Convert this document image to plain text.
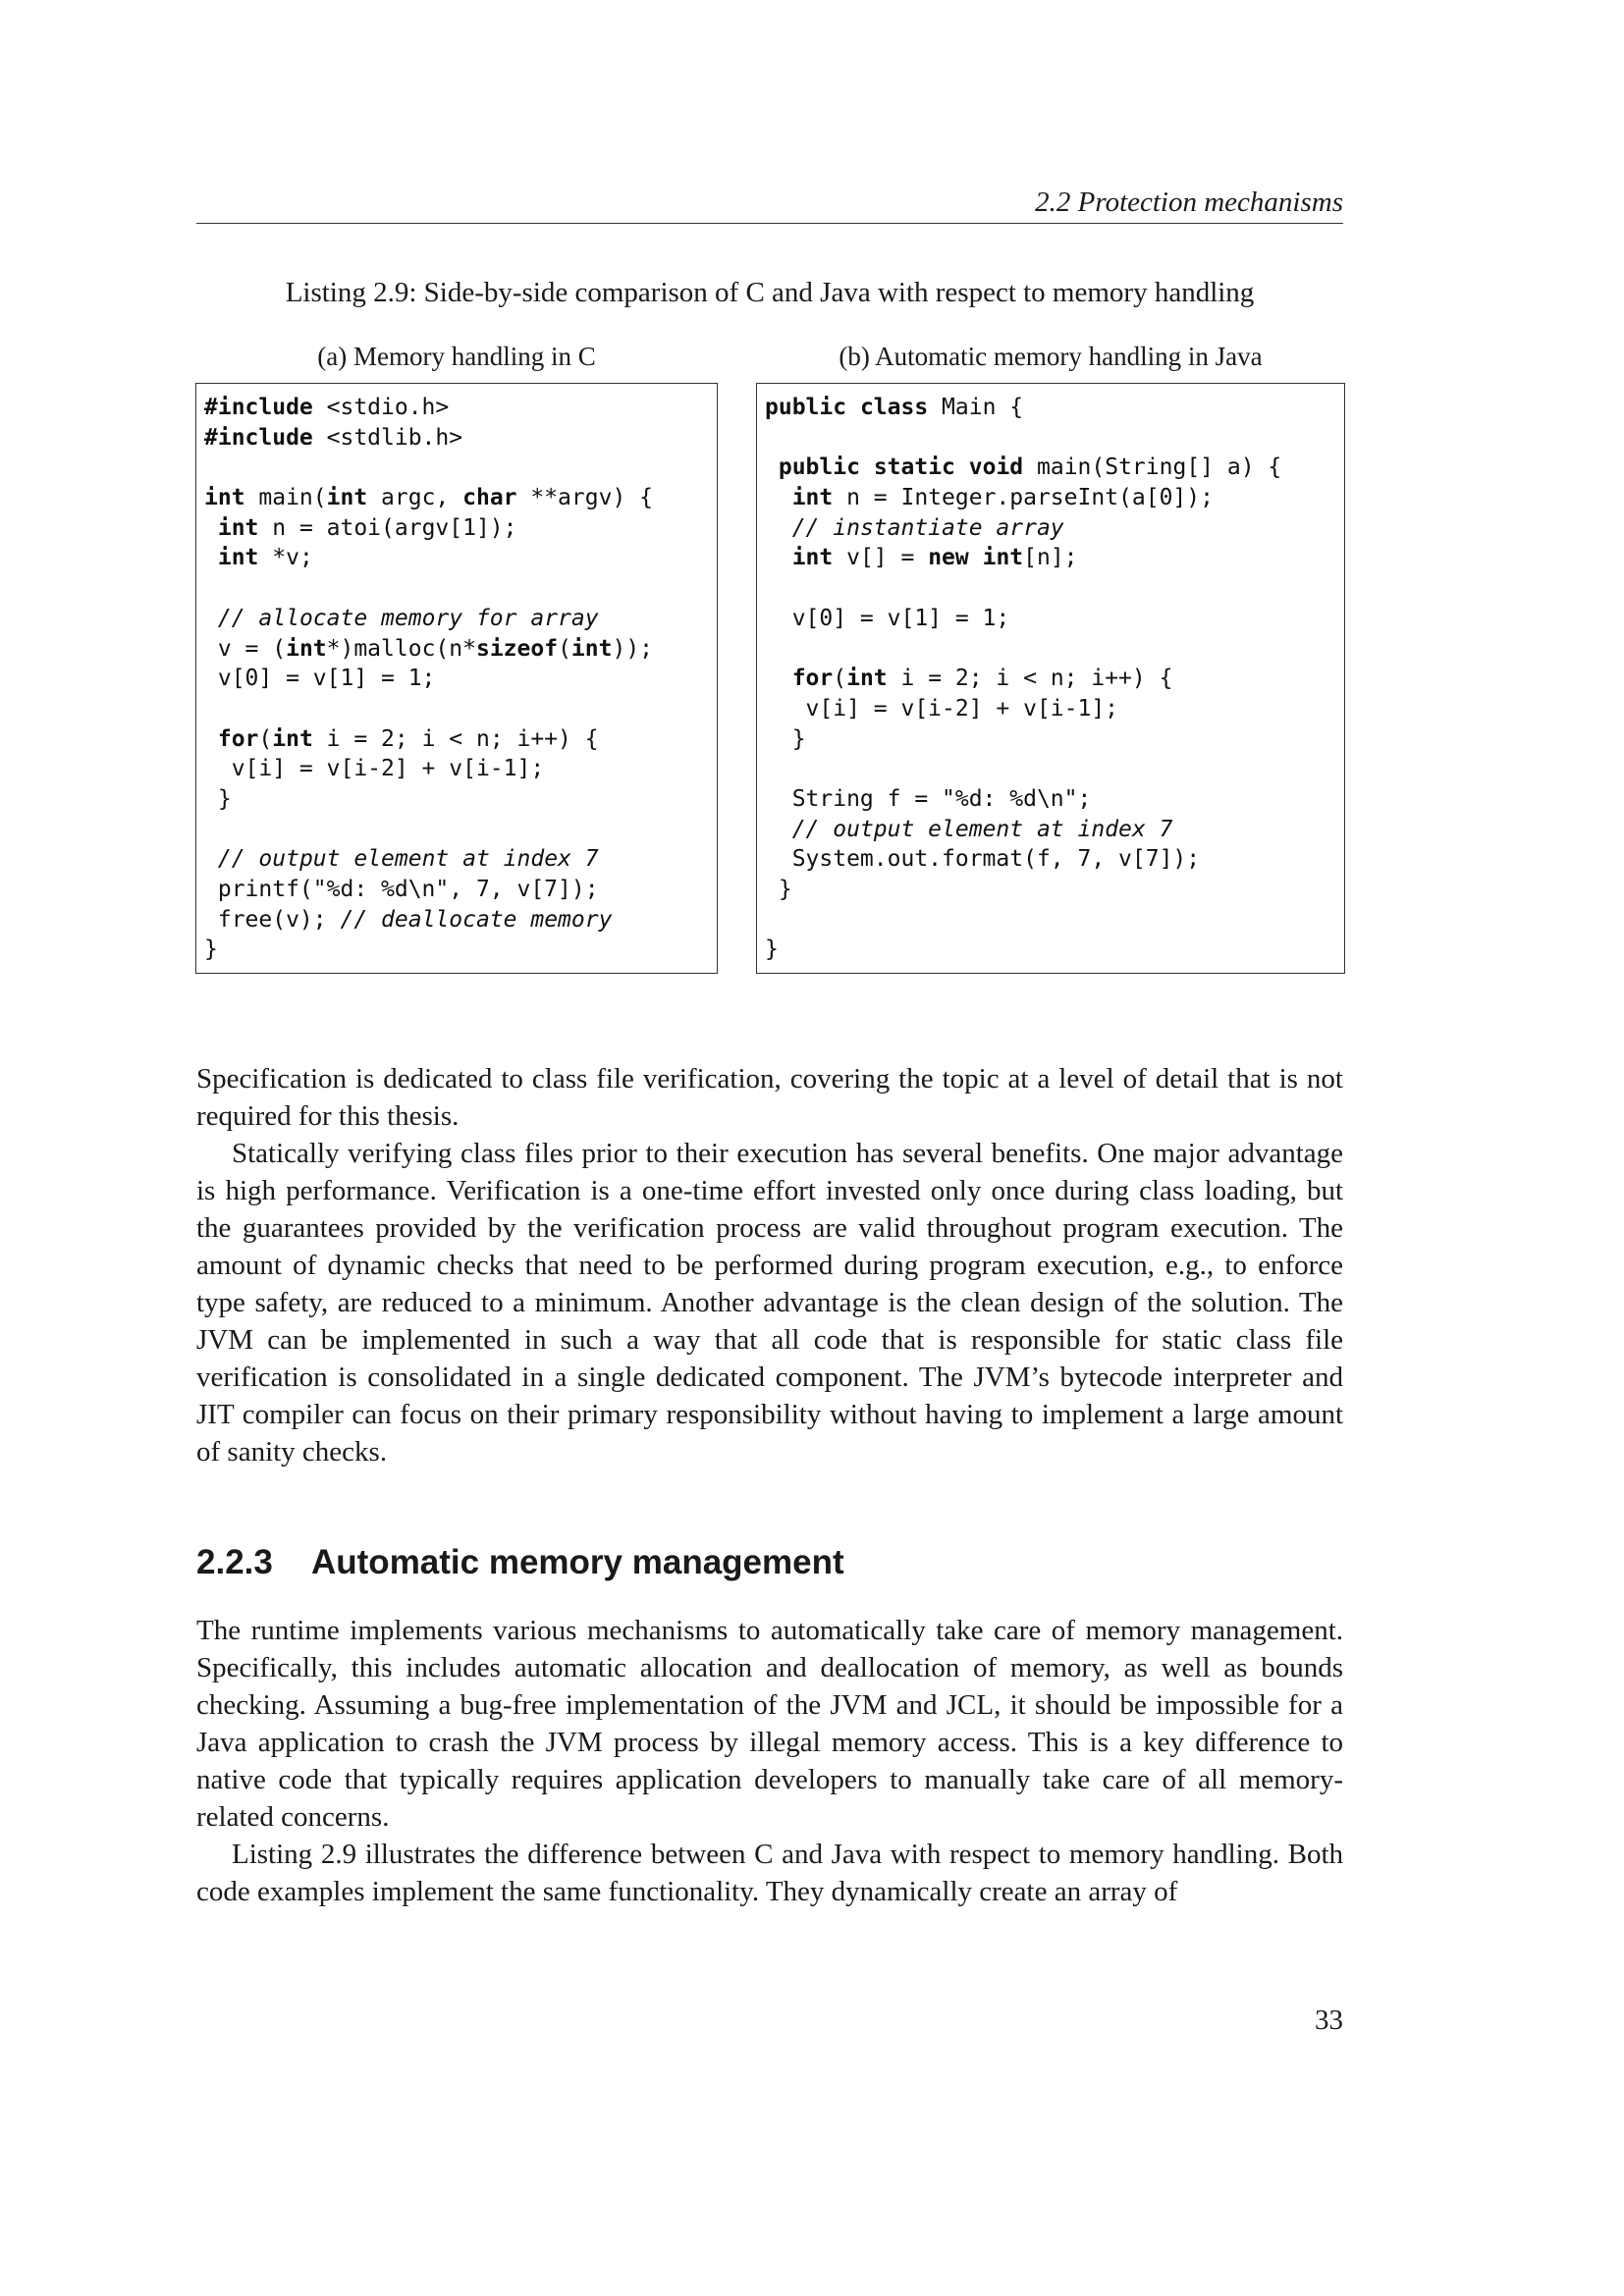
2.2 Protection mechanisms
Listing 2.9: Side-by-side comparison of C and Java with respect to memory handling
(a) Memory handling in C	(b) Automatic memory handling in Java
#include <stdio.h>
#include <stdlib.h>

int main(int argc, char **argv) {
int n = atoi(argv[1]);
int *v;

// allocate memory for array
v = (int*)malloc(n*sizeof(int));
v[0] = v[1] = 1;

for(int i = 2; i < n; i++) {
v[i] = v[i-2] + v[i-1];
}

// output element at index 7
printf("%d: %d\n", 7, v[7]);
free(v); // deallocate memory
}
public class Main {

public static void main(String[] a) {
int n = Integer.parseInt(a[0]);
// instantiate array
int v[] = new int[n];

v[0] = v[1] = 1;

for(int i = 2; i < n; i++) {
v[i] = v[i-2] + v[i-1];
}

String f = "%d: %d\n";
// output element at index 7
System.out.format(f, 7, v[7]);
}

}

Specification is dedicated to class file verification, covering the topic at a level of detail that is not required for this thesis.

Statically verifying class files prior to their execution has several benefits. One major advantage is high performance. Verification is a one-time effort invested only once during class loading, but the guarantees provided by the verification process are valid throughout program execution. The amount of dynamic checks that need to be performed during program execution, e.g., to enforce type safety, are reduced to a minimum. Another advantage is the clean design of the solution. The JVM can be implemented in such a way that all code that is responsible for static class file verification is consolidated in a single dedicated component. The JVM’s bytecode interpreter and JIT compiler can focus on their primary responsibility without having to implement a large amount of sanity checks.

2.2.3 Automatic memory management

The runtime implements various mechanisms to automatically take care of memory management. Specifically, this includes automatic allocation and deallocation of memory, as well as bounds checking. Assuming a bug-free implementation of the JVM and JCL, it should be impossible for a Java application to crash the JVM process by illegal memory access. This is a key difference to native code that typically requires application developers to manually take care of all memory-related concerns.

Listing 2.9 illustrates the difference between C and Java with respect to memory handling. Both code examples implement the same functionality. They dynamically create an array of

33
